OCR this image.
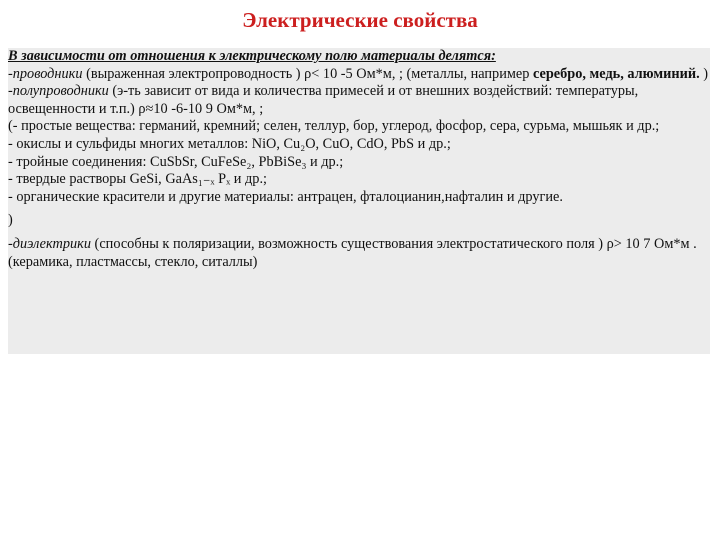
Электрические свойства

В зависимости от отношения к электрическому полю материалы делятся:

-проводники (выраженная электропроводность ) ρ< 10 -5 Ом*м, ; (металлы, например серебро, медь, алюминий. )

-полупроводники (э-ть зависит от вида и количества примесей и от внешних воздействий: температуры, освещенности и т.п.) ρ≈10 -6-10 9 Ом*м, ;

(- простые вещества: германий, кремний; селен, теллур, бор, углерод, фосфор, сера, сурьма, мышьяк и др.;

- окислы и сульфиды многих металлов: NiO, Cu₂O, CuO, CdO, PbS и др.;

- тройные соединения: CuSbSr, CuFeSe₂, PbBiSe₃ и др.;

- твердые растворы GeSi, GaAs₁₋ₓ Pₓ и др.;

- органические красители и другие материалы: антрацен, фталоцианин,нафталин и другие.

)

-диэлектрики (способны к поляризации, возможность существования электростатического поля ) ρ> 10 7 Ом*м . (керамика, пластмассы, стекло, ситаллы)
